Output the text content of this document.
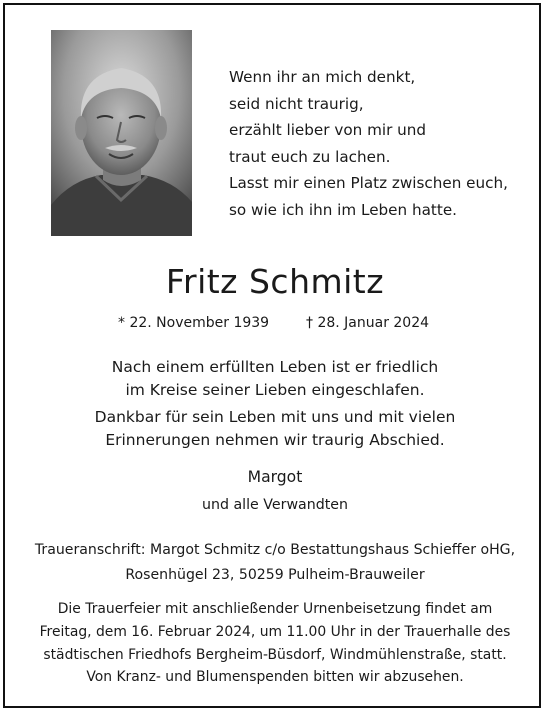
Wenn ihr an mich denkt,
seid nicht traurig,
erzählt lieber von mir und
traut euch zu lachen.
Lasst mir einen Platz zwischen euch,
so wie ich ihn im Leben hatte.
Fritz Schmitz
* 22. November 1939	† 28. Januar 2024
Nach einem erfüllten Leben ist er friedlich
im Kreise seiner Lieben eingeschlafen.
Dankbar für sein Leben mit uns und mit vielen
Erinnerungen nehmen wir traurig Abschied.
Margot
und alle Verwandten
Traueranschrift: Margot Schmitz c/o Bestattungshaus Schieffer oHG,
Rosenhügel 23, 50259 Pulheim-Brauweiler
Die Trauerfeier mit anschließender Urnenbeisetzung findet am
Freitag, dem 16. Februar 2024, um 11.00 Uhr in der Trauerhalle des
städtischen Friedhofs Bergheim-Büsdorf, Windmühlenstraße, statt.
Von Kranz- und Blumenspenden bitten wir abzusehen.
